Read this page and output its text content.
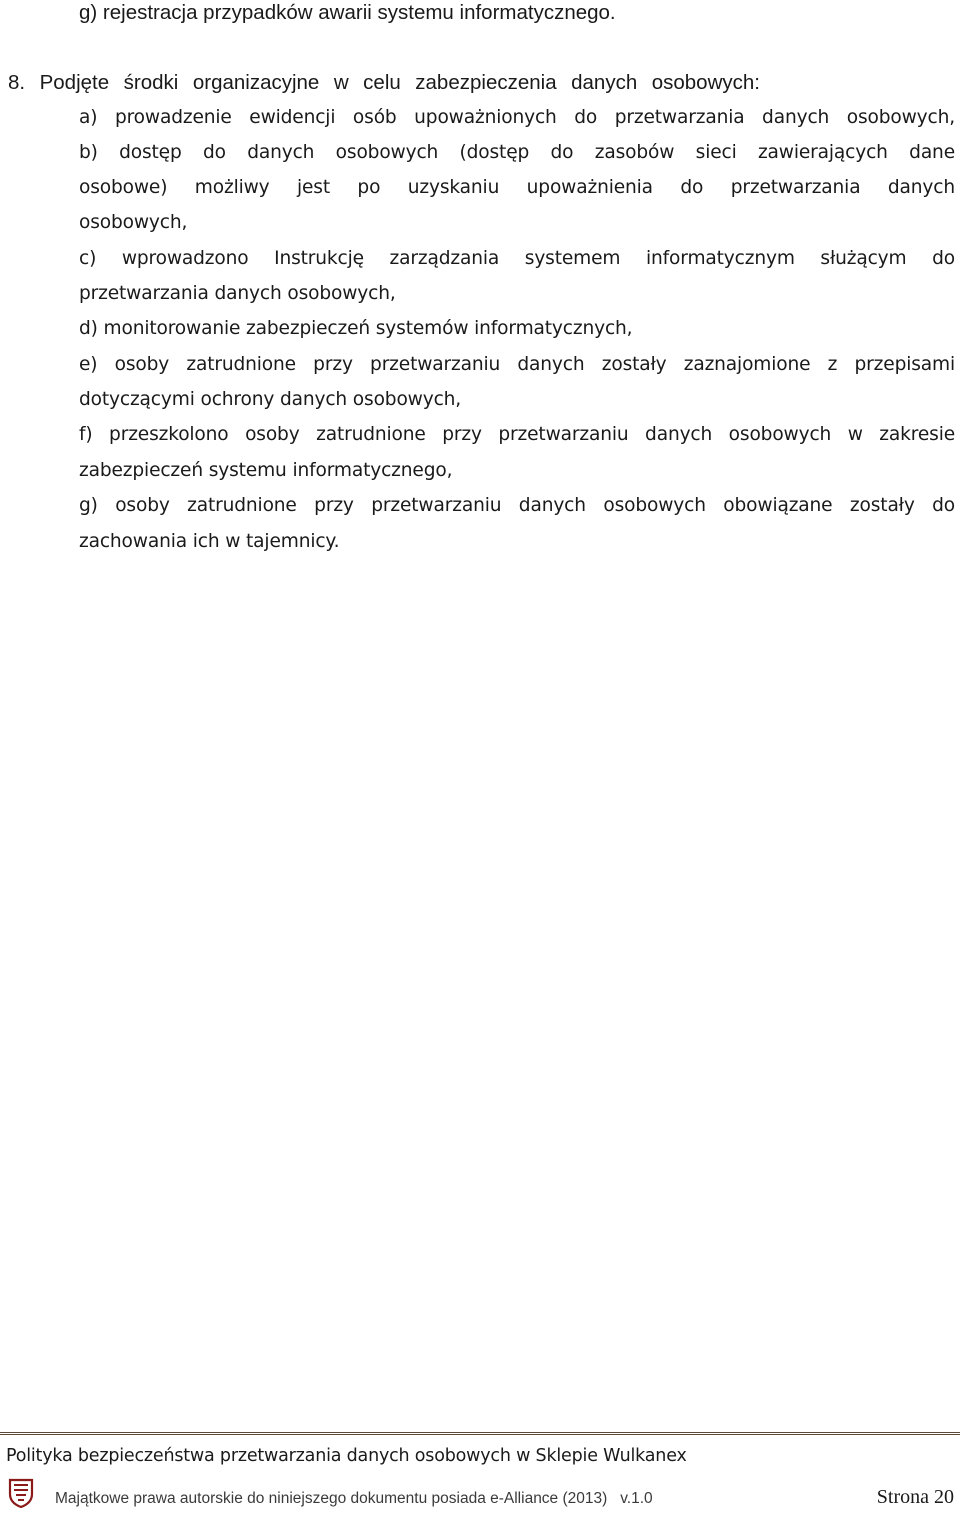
g) rejestracja przypadków awarii systemu informatycznego.

8. Podjęte środki organizacyjne w celu zabezpieczenia danych osobowych:

a) prowadzenie ewidencji osób upoważnionych do przetwarzania danych osobowych,

b) dostęp do danych osobowych (dostęp do zasobów sieci zawierających dane

osobowe) możliwy jest po uzyskaniu upoważnienia do przetwarzania danych

osobowych,

c) wprowadzono Instrukcję zarządzania systemem informatycznym służącym do

przetwarzania danych osobowych,

d) monitorowanie zabezpieczeń systemów informatycznych,

e) osoby zatrudnione przy przetwarzaniu danych zostały zaznajomione z przepisami

dotyczącymi ochrony danych osobowych,

f) przeszkolono osoby zatrudnione przy przetwarzaniu danych osobowych w zakresie

zabezpieczeń systemu informatycznego,

g) osoby zatrudnione przy przetwarzaniu danych osobowych obowiązane zostały do

zachowania ich w tajemnicy.

Polityka bezpieczeństwa przetwarzania danych osobowych w Sklepie Wulkanex

Majątkowe prawa autorskie do niniejszego dokumentu posiada e-Alliance (2013)   v.1.0	Strona 20
